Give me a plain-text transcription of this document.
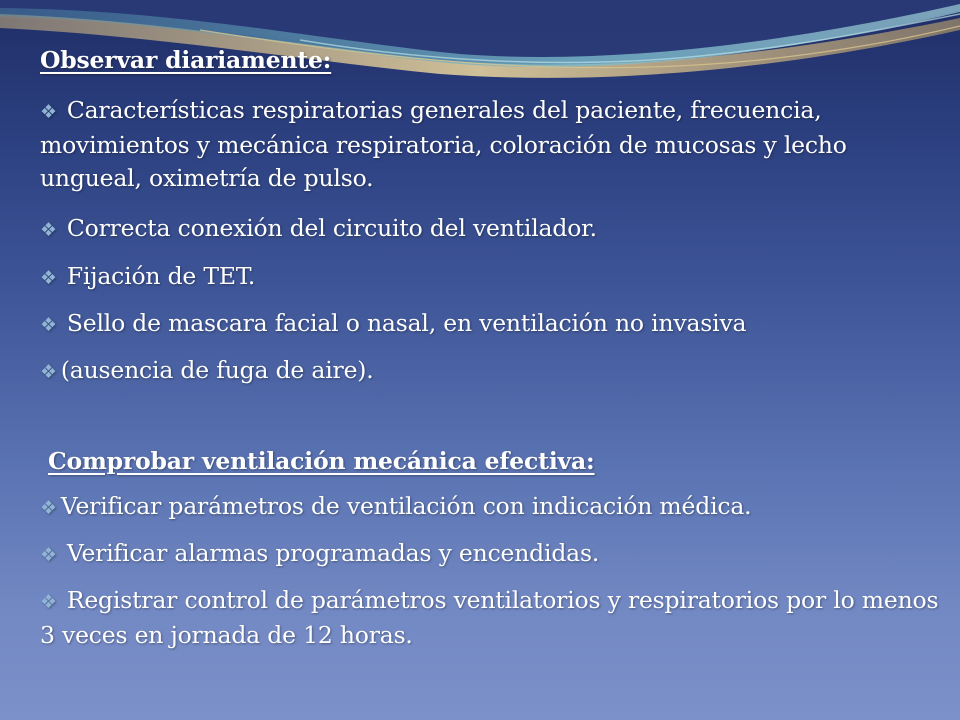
Observar diariamente:
❖ Características respiratorias generales del paciente, frecuencia, movimientos y mecánica respiratoria, coloración de mucosas y lecho ungueal, oximetría de pulso.
❖ Correcta conexión del circuito del ventilador.
❖ Fijación de TET.
❖ Sello de mascara facial o nasal, en ventilación no invasiva
❖ (ausencia de fuga de aire).
Comprobar ventilación mecánica efectiva:
❖ Verificar parámetros de ventilación con indicación médica.
❖ Verificar alarmas programadas y encendidas.
❖ Registrar control de parámetros ventilatorios y respiratorios por lo menos 3 veces en jornada de 12 horas.
